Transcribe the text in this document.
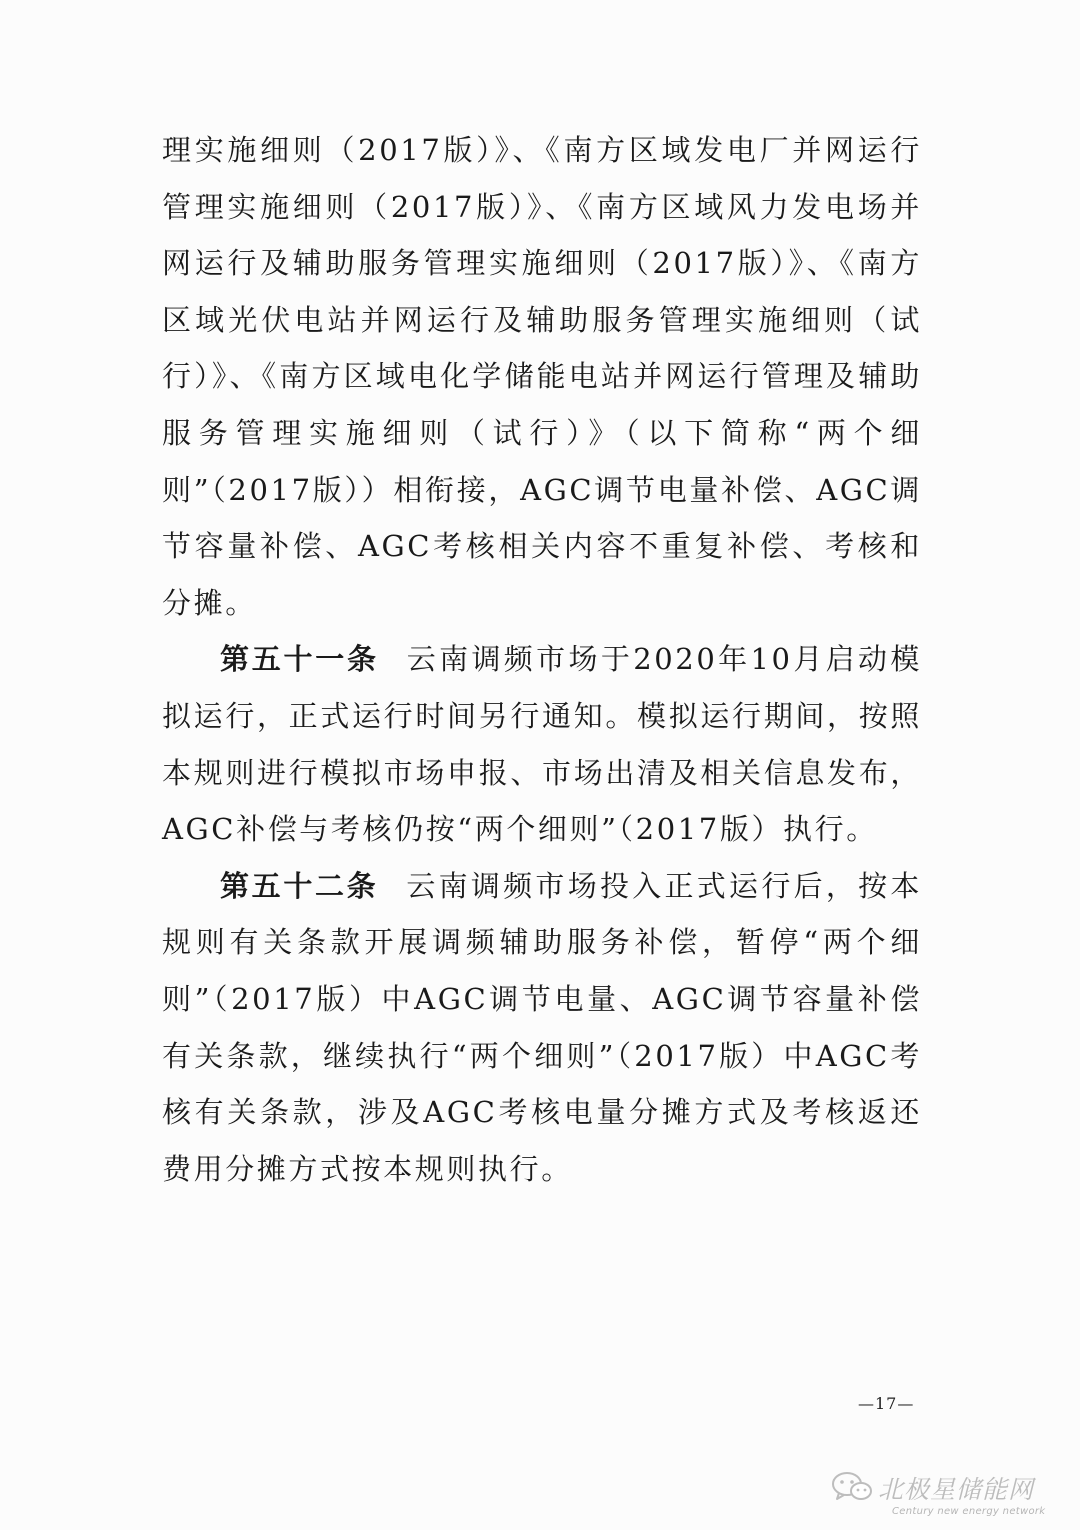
理实施细则（2017版）》、《南方区域发电厂并网运行管理实施细则（2017版）》、《南方区域风力发电场并网运行及辅助服务管理实施细则（2017版）》、《南方区域光伏电站并网运行及辅助服务管理实施细则（试行）》、《南方区域电化学储能电站并网运行管理及辅助服务管理实施细则（试行）》（以下简称“两个细则”（2017版））相衔接，AGC调节电量补偿、AGC调节容量补偿、AGC考核相关内容不重复补偿、考核和分摊。

第五十一条 云南调频市场于2020年10月启动模拟运行，正式运行时间另行通知。模拟运行期间，按照本规则进行模拟市场申报、市场出清及相关信息发布，AGC补偿与考核仍按“两个细则”（2017版）执行。

第五十二条 云南调频市场投入正式运行后，按本规则有关条款开展调频辅助服务补偿，暂停“两个细则”（2017版）中AGC调节电量、AGC调节容量补偿有关条款，继续执行“两个细则”（2017版）中AGC考核有关条款，涉及AGC考核电量分摊方式及考核返还费用分摊方式按本规则执行。

—17—
北极星储能网
Century new energy network
